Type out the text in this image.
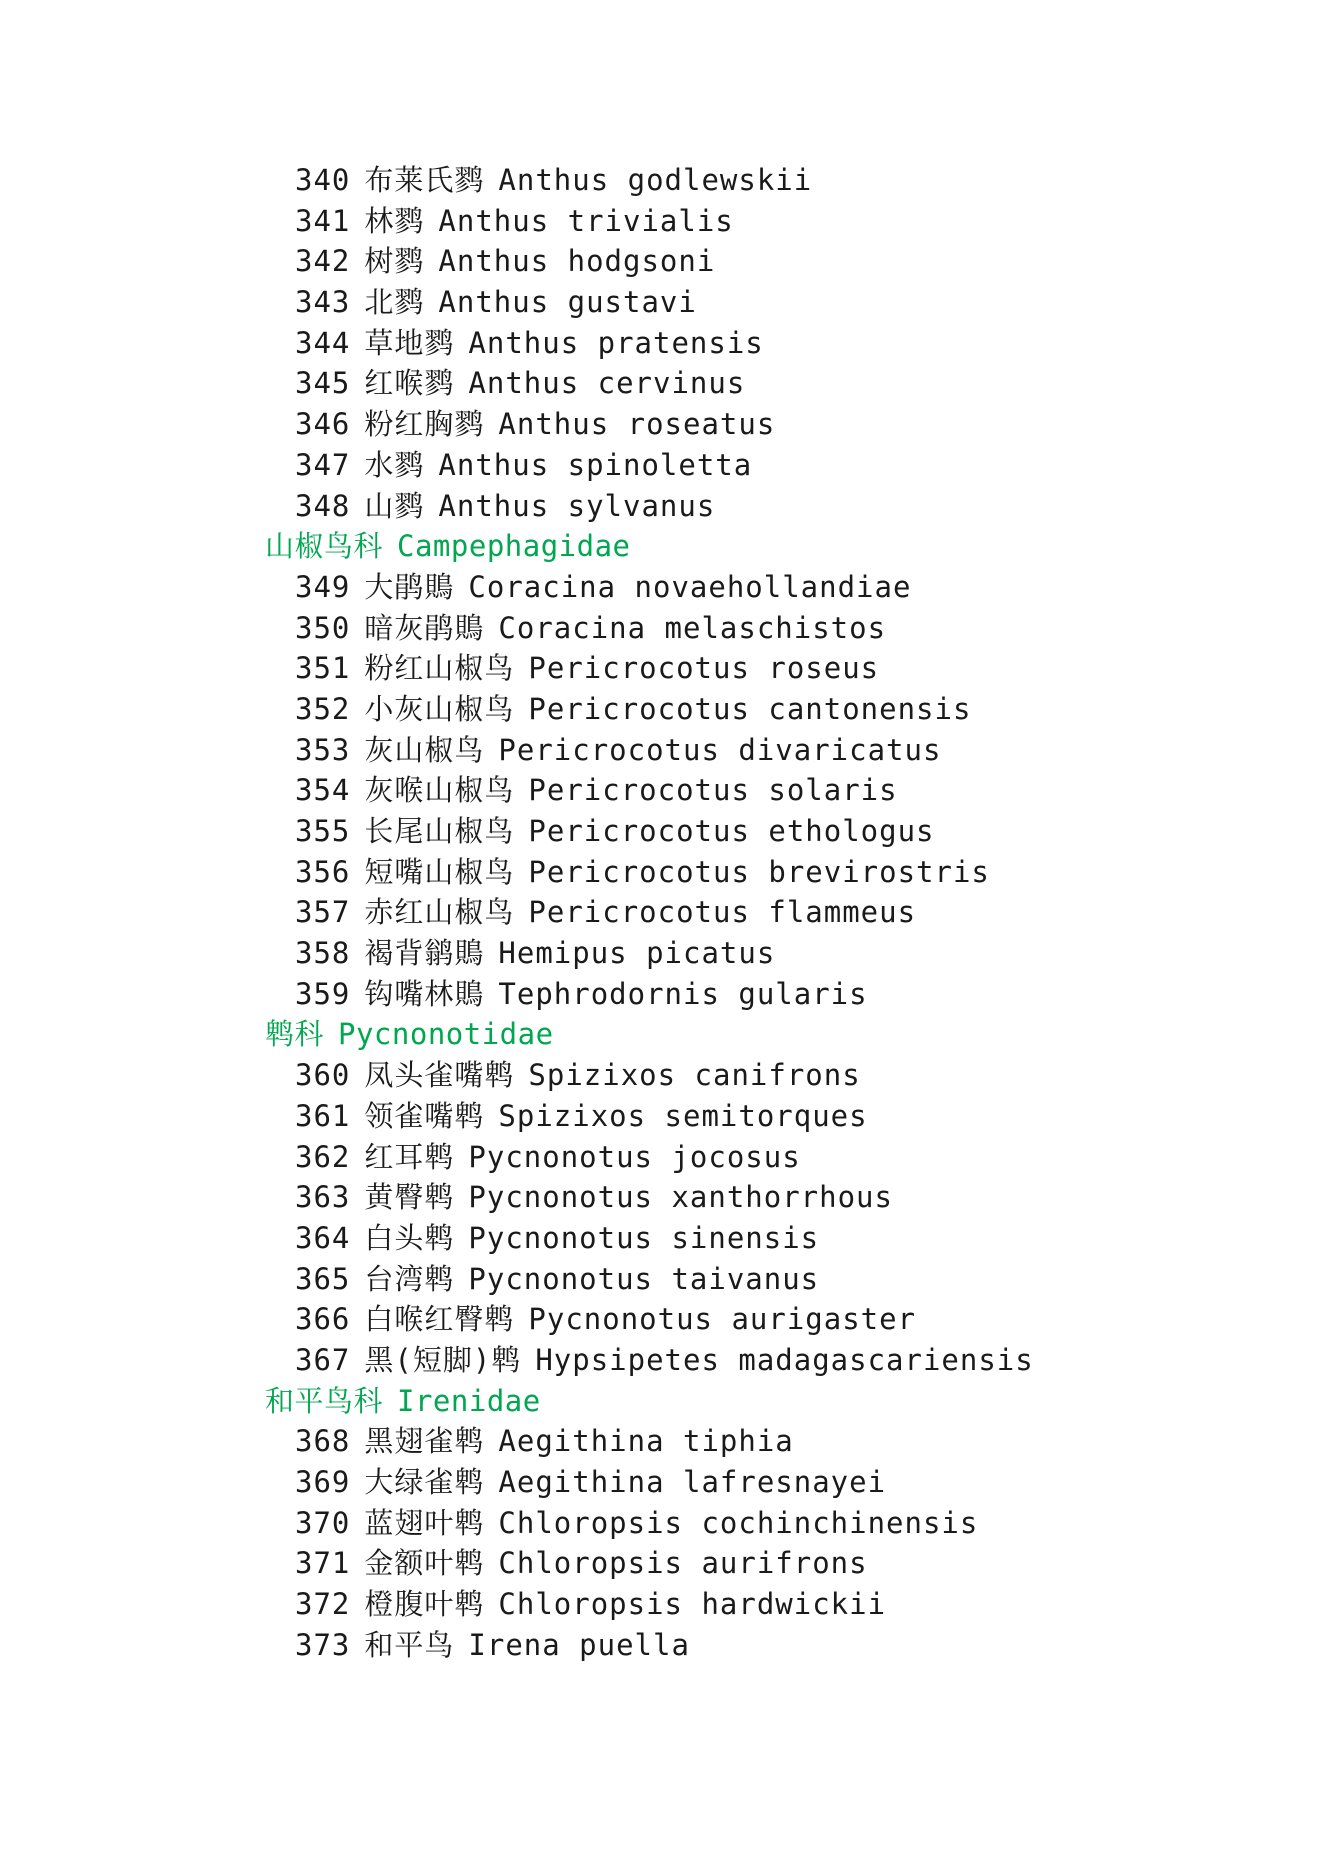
340 布莱氏鹨 Anthus godlewskii
341 林鹨 Anthus trivialis
342 树鹨 Anthus hodgsoni
343 北鹨 Anthus gustavi
344 草地鹨 Anthus pratensis
345 红喉鹨 Anthus cervinus
346 粉红胸鹨 Anthus roseatus
347 水鹨 Anthus spinoletta
348 山鹨 Anthus sylvanus
山椒鸟科 Campephagidae
349 大鹃鵙 Coracina novaehollandiae
350 暗灰鹃鵙 Coracina melaschistos
351 粉红山椒鸟 Pericrocotus roseus
352 小灰山椒鸟 Pericrocotus cantonensis
353 灰山椒鸟 Pericrocotus divaricatus
354 灰喉山椒鸟 Pericrocotus solaris
355 长尾山椒鸟 Pericrocotus ethologus
356 短嘴山椒鸟 Pericrocotus brevirostris
357 赤红山椒鸟 Pericrocotus flammeus
358 褐背鹟鵙 Hemipus picatus
359 钩嘴林鵙 Tephrodornis gularis
鹎科 Pycnonotidae
360 凤头雀嘴鹎 Spizixos canifrons
361 领雀嘴鹎 Spizixos semitorques
362 红耳鹎 Pycnonotus jocosus
363 黄臀鹎 Pycnonotus xanthorrhous
364 白头鹎 Pycnonotus sinensis
365 台湾鹎 Pycnonotus taivanus
366 白喉红臀鹎 Pycnonotus aurigaster
367 黑(短脚)鹎 Hypsipetes madagascariensis
和平鸟科 Irenidae
368 黑翅雀鹎 Aegithina tiphia
369 大绿雀鹎 Aegithina lafresnayei
370 蓝翅叶鹎 Chloropsis cochinchinensis
371 金额叶鹎 Chloropsis aurifrons
372 橙腹叶鹎 Chloropsis hardwickii
373 和平鸟 Irena puella
